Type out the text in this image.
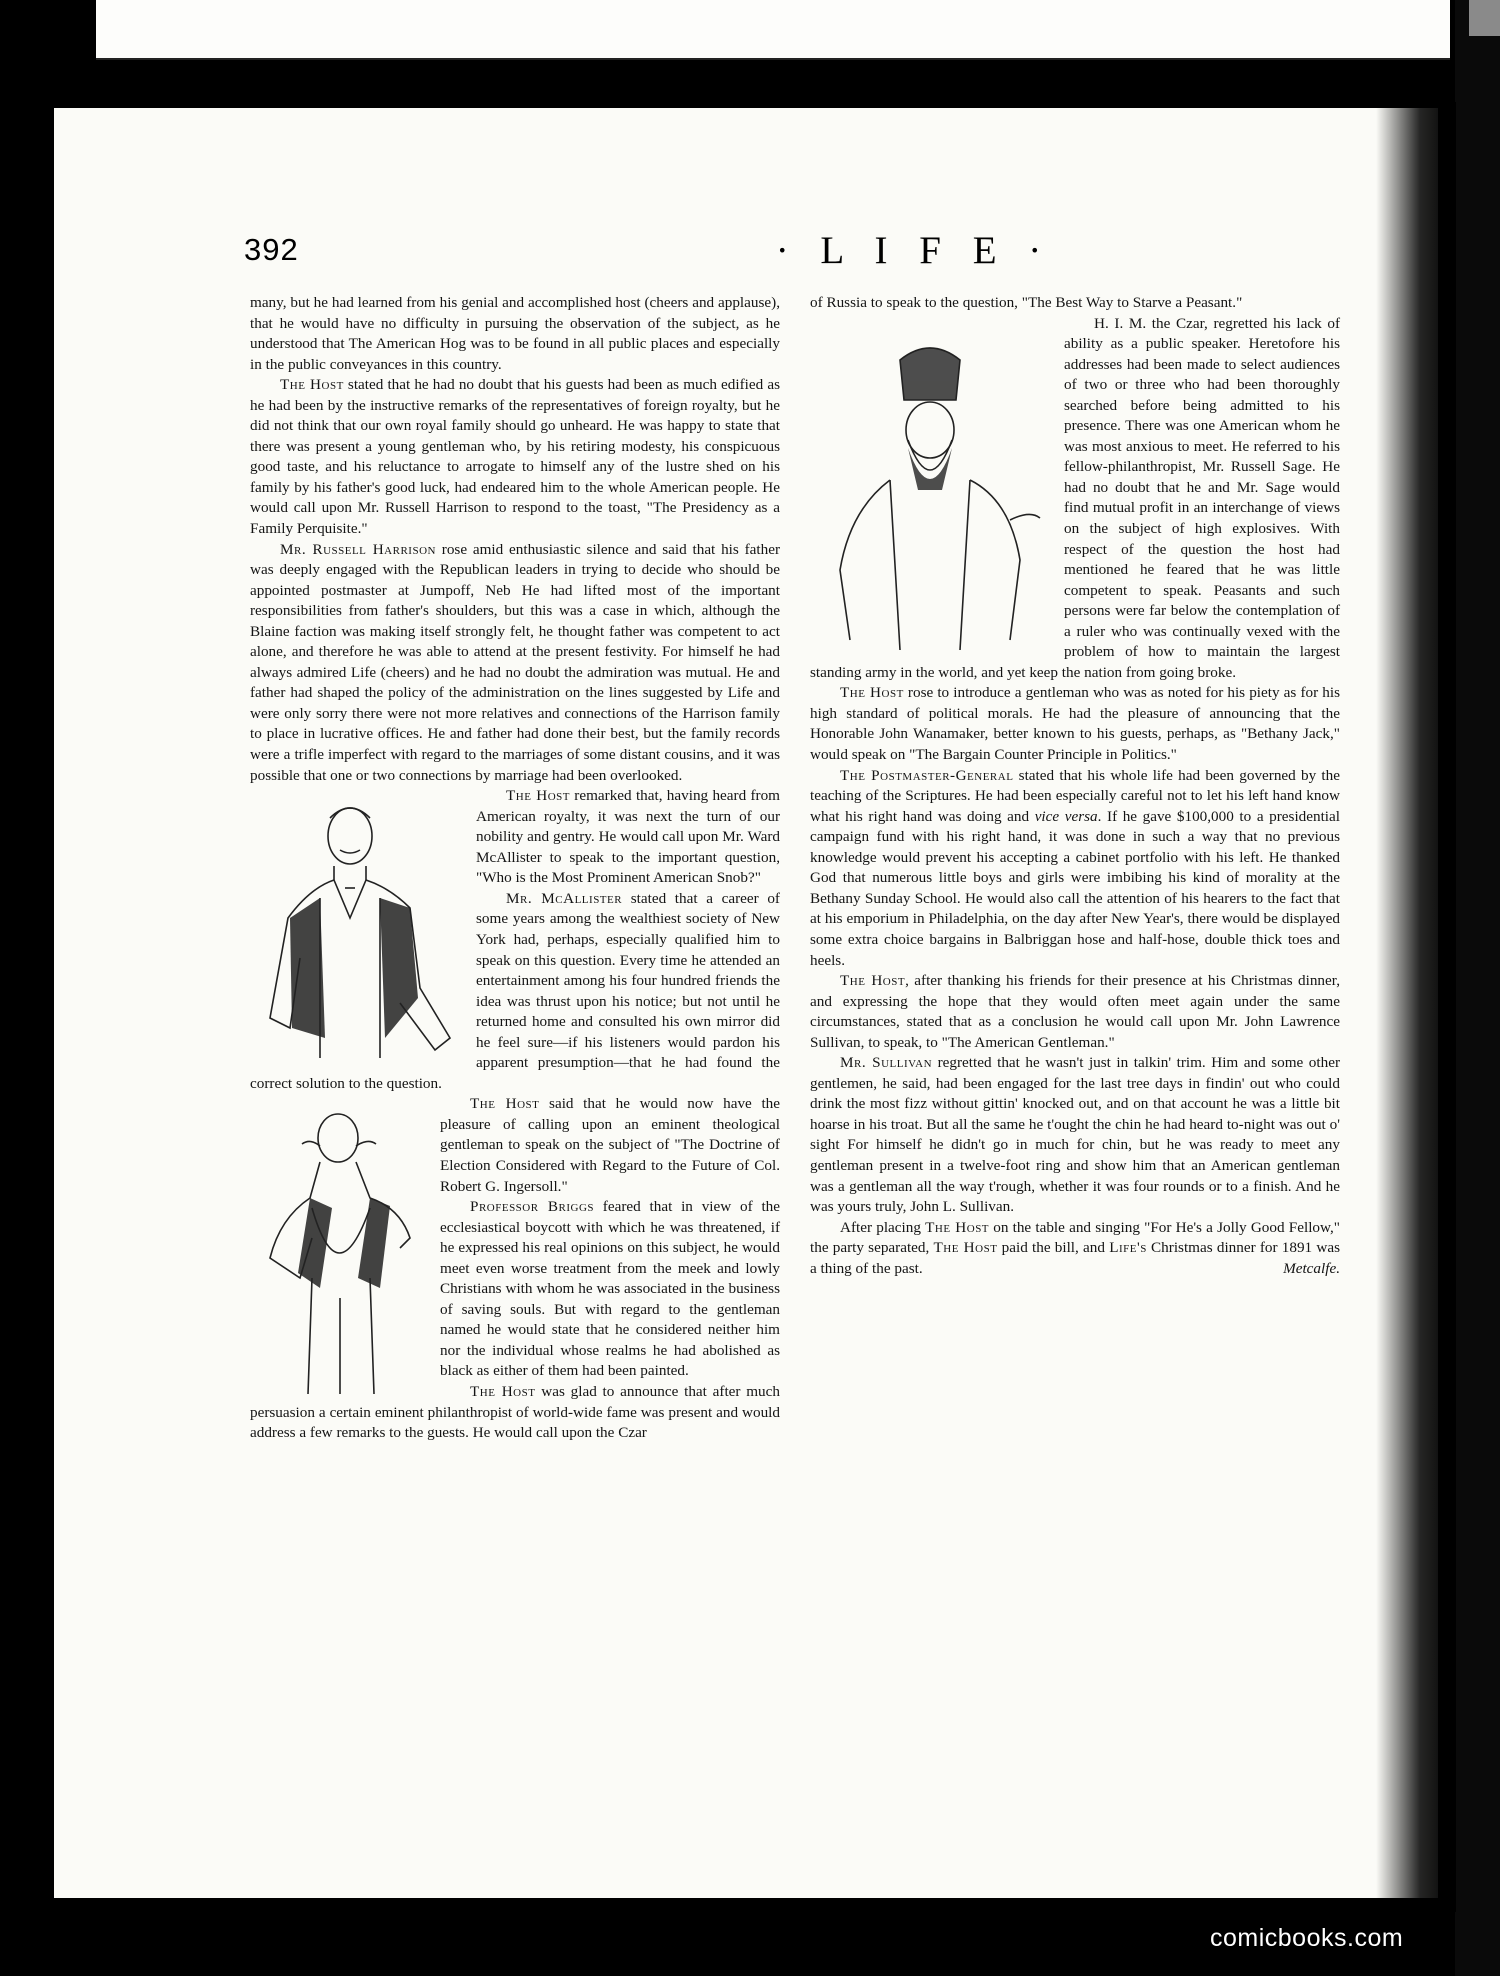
392	· L I F E ·

many, but he had learned from his genial and accomplished host (cheers and applause), that he would have no difficulty in pursuing the observation of the subject, as he understood that The American Hog was to be found in all public places and especially in the public conveyances in this country.

The Host stated that he had no doubt that his guests had been as much edified as he had been by the instructive remarks of the representatives of foreign royalty, but he did not think that our own royal family should go unheard. He was happy to state that there was present a young gentleman who, by his retiring modesty, his conspicuous good taste, and his reluctance to arrogate to himself any of the lustre shed on his family by his father's good luck, had endeared him to the whole American people. He would call upon Mr. Russell Harrison to respond to the toast, "The Presidency as a Family Perquisite."

Mr. Russell Harrison rose amid enthusiastic silence and said that his father was deeply engaged with the Republican leaders in trying to decide who should be appointed postmaster at Jumpoff, Neb He had lifted most of the important responsibilities from father's shoulders, but this was a case in which, although the Blaine faction was making itself strongly felt, he thought father was competent to act alone, and therefore he was able to attend at the present festivity. For himself he had always admired Life (cheers) and he had no doubt the admiration was mutual. He and father had shaped the policy of the administration on the lines suggested by Life and were only sorry there were not more relatives and connections of the Harrison family to place in lucrative offices. He and father had done their best, but the family records were a trifle imperfect with regard to the marriages of some distant cousins, and it was possible that one or two connections by marriage had been overlooked.

The Host remarked that, having heard from American royalty, it was next the turn of our nobility and gentry. He would call upon Mr. Ward McAllister to speak to the important question, "Who is the Most Prominent American Snob?"

Mr. McAllister stated that a career of some years among the wealthiest society of New York had, perhaps, especially qualified him to speak on this question. Every time he attended an entertainment among his four hundred friends the idea was thrust upon his notice; but not until he returned home and consulted his own mirror did he feel sure—if his listeners would pardon his apparent presumption—that he had found the correct solution to the question.

The Host said that he would now have the pleasure of calling upon an eminent theological gentleman to speak on the subject of "The Doctrine of Election Considered with Regard to the Future of Col. Robert G. Ingersoll."

Professor Briggs feared that in view of the ecclesiastical boycott with which he was threatened, if he expressed his real opinions on this subject, he would meet even worse treatment from the meek and lowly Christians with whom he was associated in the business of saving souls. But with regard to the gentleman named he would state that he considered neither him nor the individual whose realms he had abolished as black as either of them had been painted.

The Host was glad to announce that after much persuasion a certain eminent philanthropist of world-wide fame was present and would address a few remarks to the guests. He would call upon the Czar

of Russia to speak to the question, "The Best Way to Starve a Peasant."

H. I. M. the Czar, regretted his lack of ability as a public speaker. Heretofore his addresses had been made to select audiences of two or three who had been thoroughly searched before being admitted to his presence. There was one American whom he was most anxious to meet. He referred to his fellow-philanthropist, Mr. Russell Sage. He had no doubt that he and Mr. Sage would find mutual profit in an interchange of views on the subject of high explosives. With respect of the question the host had mentioned he feared that he was little competent to speak. Peasants and such persons were far below the contemplation of a ruler who was continually vexed with the problem of how to maintain the largest standing army in the world, and yet keep the nation from going broke.

The Host rose to introduce a gentleman who was as noted for his piety as for his high standard of political morals. He had the pleasure of announcing that the Honorable John Wanamaker, better known to his guests, perhaps, as "Bethany Jack," would speak on "The Bargain Counter Principle in Politics."

The Postmaster-General stated that his whole life had been governed by the teaching of the Scriptures. He had been especially careful not to let his left hand know what his right hand was doing and vice versa. If he gave $100,000 to a presidential campaign fund with his right hand, it was done in such a way that no previous knowledge would prevent his accepting a cabinet portfolio with his left. He thanked God that numerous little boys and girls were imbibing his kind of morality at the Bethany Sunday School. He would also call the attention of his hearers to the fact that at his emporium in Philadelphia, on the day after New Year's, there would be displayed some extra choice bargains in Balbriggan hose and half-hose, double thick toes and heels.

The Host, after thanking his friends for their presence at his Christmas dinner, and expressing the hope that they would often meet again under the same circumstances, stated that as a conclusion he would call upon Mr. John Lawrence Sullivan, to speak, to "The American Gentleman."

Mr. Sullivan regretted that he wasn't just in talkin' trim. Him and some other gentlemen, he said, had been engaged for the last tree days in findin' out who could drink the most fizz without gittin' knocked out, and on that account he was a little bit hoarse in his troat. But all the same he t'ought the chin he had heard to-night was out o' sight For himself he didn't go in much for chin, but he was ready to meet any gentleman present in a twelve-foot ring and show him that an American gentleman was a gentleman all the way t'rough, whether it was four rounds or to a finish. And he was yours truly, John L. Sullivan.

After placing The Host on the table and singing "For He's a Jolly Good Fellow," the party separated, The Host paid the bill, and Life's Christmas dinner for 1891 was a thing of the past.	Metcalfe.

comicbooks.com
